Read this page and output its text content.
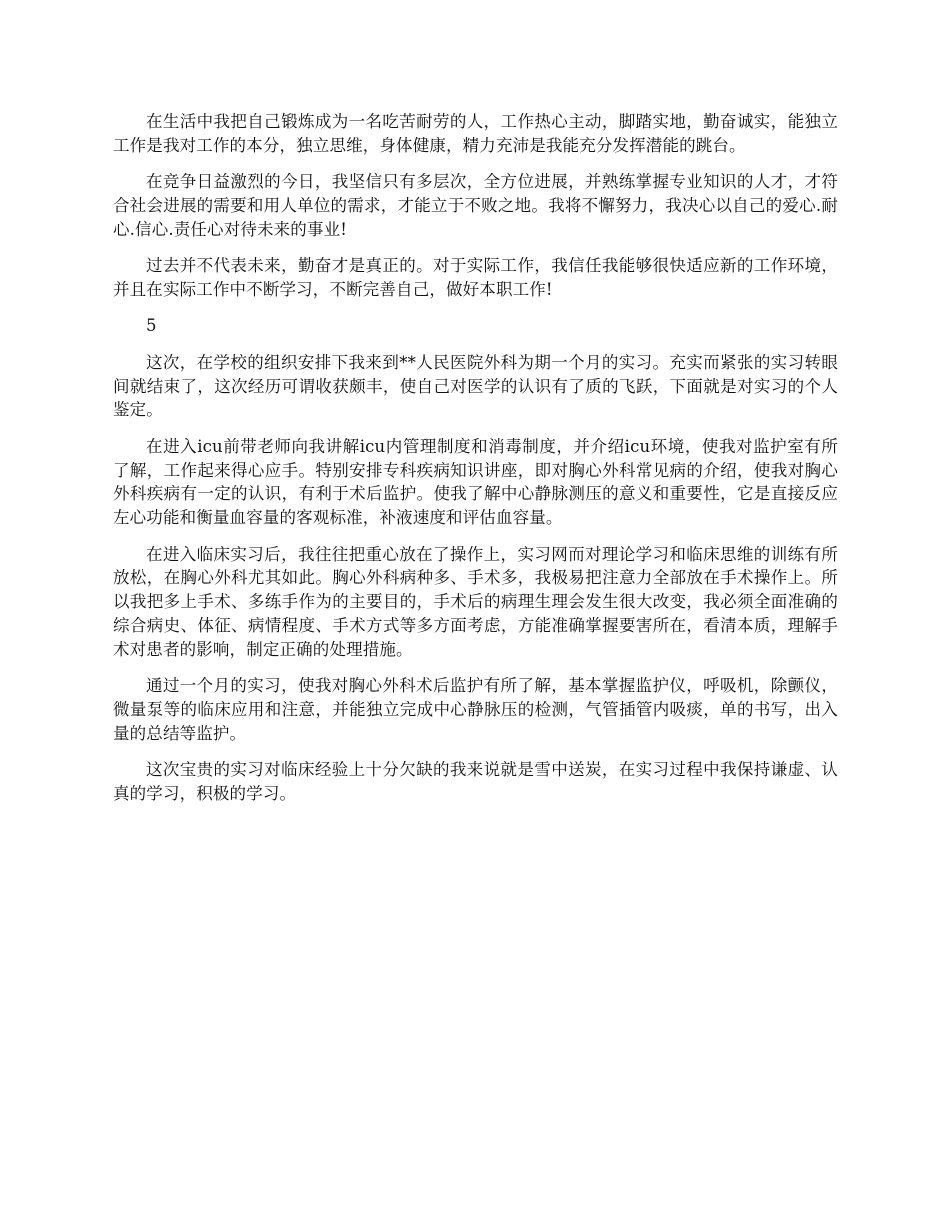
在生活中我把自己锻炼成为一名吃苦耐劳的人，工作热心主动，脚踏实地，勤奋诚实，能独立工作是我对工作的本分，独立思维，身体健康，精力充沛是我能充分发挥潜能的跳台。

在竞争日益激烈的今日，我坚信只有多层次，全方位进展，并熟练掌握专业知识的人才，才符合社会进展的需要和用人单位的需求，才能立于不败之地。我将不懈努力，我决心以自己的爱心.耐心.信心.责任心对待未来的事业!

过去并不代表未来，勤奋才是真正的。对于实际工作，我信任我能够很快适应新的工作环境，并且在实际工作中不断学习，不断完善自己，做好本职工作!

5

这次，在学校的组织安排下我来到**人民医院外科为期一个月的实习。充实而紧张的实习转眼间就结束了，这次经历可谓收获颇丰，使自己对医学的认识有了质的飞跃，下面就是对实习的个人鉴定。

在进入icu前带老师向我讲解icu内管理制度和消毒制度，并介绍icu环境，使我对监护室有所了解，工作起来得心应手。特别安排专科疾病知识讲座，即对胸心外科常见病的介绍，使我对胸心外科疾病有一定的认识，有利于术后监护。使我了解中心静脉测压的意义和重要性，它是直接反应左心功能和衡量血容量的客观标准，补液速度和评估血容量。

在进入临床实习后，我往往把重心放在了操作上，实习网而对理论学习和临床思维的训练有所放松，在胸心外科尤其如此。胸心外科病种多、手术多，我极易把注意力全部放在手术操作上。所以我把多上手术、多练手作为的主要目的，手术后的病理生理会发生很大改变，我必须全面准确的综合病史、体征、病情程度、手术方式等多方面考虑，方能准确掌握要害所在，看清本质，理解手术对患者的影响，制定正确的处理措施。

通过一个月的实习，使我对胸心外科术后监护有所了解，基本掌握监护仪，呼吸机，除颤仪，微量泵等的临床应用和注意，并能独立完成中心静脉压的检测，气管插管内吸痰，单的书写，出入量的总结等监护。

这次宝贵的实习对临床经验上十分欠缺的我来说就是雪中送炭，在实习过程中我保持谦虚、认真的学习，积极的学习。
